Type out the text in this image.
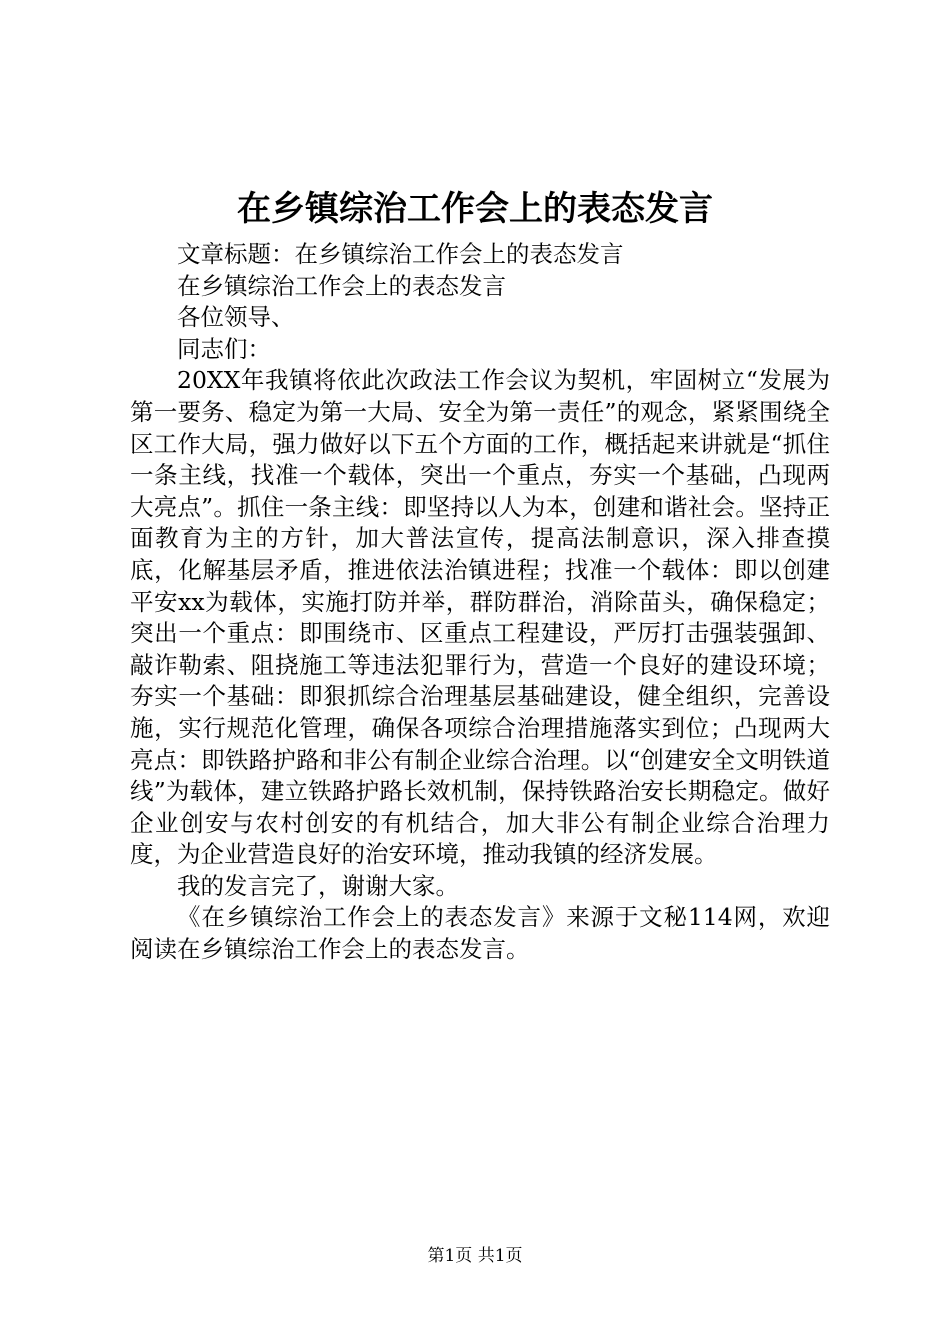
在乡镇综治工作会上的表态发言

文章标题：在乡镇综治工作会上的表态发言

在乡镇综治工作会上的表态发言

各位领导、

同志们：

20XX年我镇将依此次政法工作会议为契机，牢固树立“发展为第一要务、稳定为第一大局、安全为第一责任”的观念，紧紧围绕全区工作大局，强力做好以下五个方面的工作，概括起来讲就是“抓住一条主线，找准一个载体，突出一个重点，夯实一个基础，凸现两大亮点”。抓住一条主线：即坚持以人为本，创建和谐社会。坚持正面教育为主的方针，加大普法宣传，提高法制意识，深入排查摸底，化解基层矛盾，推进依法治镇进程；找准一个载体：即以创建平安xx为载体，实施打防并举，群防群治，消除苗头，确保稳定；突出一个重点：即围绕市、区重点工程建设，严厉打击强装强卸、敲诈勒索、阻挠施工等违法犯罪行为，营造一个良好的建设环境；夯实一个基础：即狠抓综合治理基层基础建设，健全组织，完善设施，实行规范化管理，确保各项综合治理措施落实到位；凸现两大亮点：即铁路护路和非公有制企业综合治理。以“创建安全文明铁道线”为载体，建立铁路护路长效机制，保持铁路治安长期稳定。做好企业创安与农村创安的有机结合，加大非公有制企业综合治理力度，为企业营造良好的治安环境，推动我镇的经济发展。

我的发言完了，谢谢大家。

《在乡镇综治工作会上的表态发言》来源于文秘114网，欢迎阅读在乡镇综治工作会上的表态发言。

第1页 共1页
